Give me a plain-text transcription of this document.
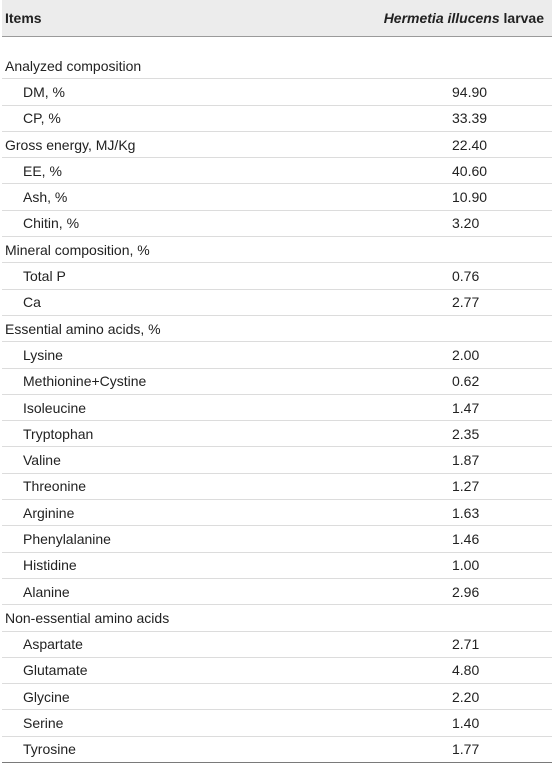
Items	Hermetia illucens larvae
Analyzed composition
DM, %	94.90
CP, %	33.39
Gross energy, MJ/Kg	22.40
EE, %	40.60
Ash, %	10.90
Chitin, %	3.20
Mineral composition, %
Total P	0.76
Ca	2.77
Essential amino acids, %
Lysine	2.00
Methionine+Cystine	0.62
Isoleucine	1.47
Tryptophan	2.35
Valine	1.87
Threonine	1.27
Arginine	1.63
Phenylalanine	1.46
Histidine	1.00
Alanine	2.96
Non-essential amino acids
Aspartate	2.71
Glutamate	4.80
Glycine	2.20
Serine	1.40
Tyrosine	1.77
